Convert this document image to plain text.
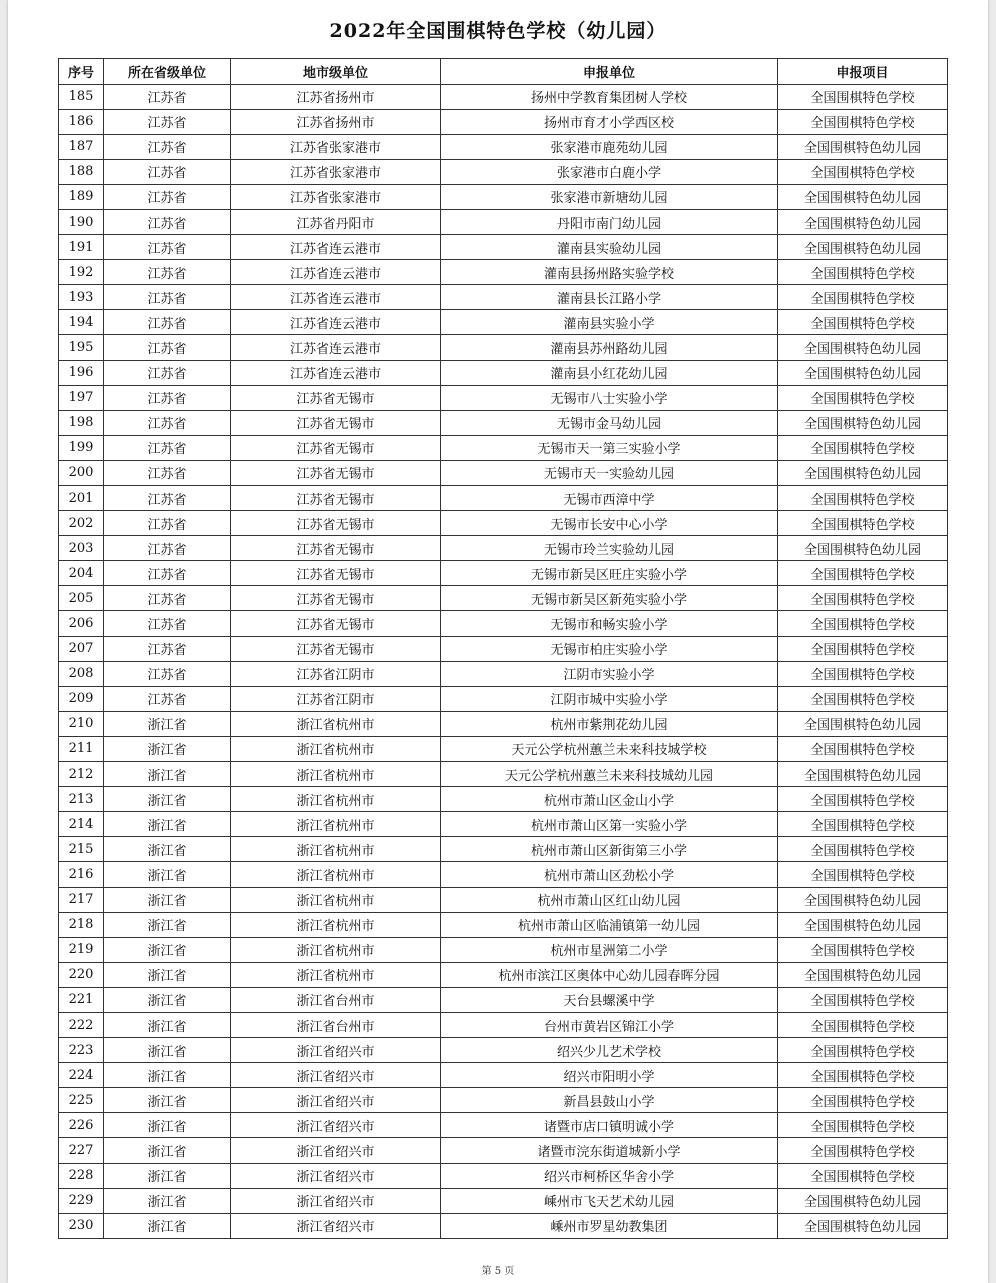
2022年全国围棋特色学校（幼儿园）
序号	所在省级单位	地市级单位	申报单位	申报项目
185	江苏省	江苏省扬州市	扬州中学教育集团树人学校	全国围棋特色学校
186	江苏省	江苏省扬州市	扬州市育才小学西区校	全国围棋特色学校
187	江苏省	江苏省张家港市	张家港市鹿苑幼儿园	全国围棋特色幼儿园
188	江苏省	江苏省张家港市	张家港市白鹿小学	全国围棋特色学校
189	江苏省	江苏省张家港市	张家港市新塘幼儿园	全国围棋特色幼儿园
190	江苏省	江苏省丹阳市	丹阳市南门幼儿园	全国围棋特色幼儿园
191	江苏省	江苏省连云港市	灌南县实验幼儿园	全国围棋特色幼儿园
192	江苏省	江苏省连云港市	灌南县扬州路实验学校	全国围棋特色学校
193	江苏省	江苏省连云港市	灌南县长江路小学	全国围棋特色学校
194	江苏省	江苏省连云港市	灌南县实验小学	全国围棋特色学校
195	江苏省	江苏省连云港市	灌南县苏州路幼儿园	全国围棋特色幼儿园
196	江苏省	江苏省连云港市	灌南县小红花幼儿园	全国围棋特色幼儿园
197	江苏省	江苏省无锡市	无锡市八士实验小学	全国围棋特色学校
198	江苏省	江苏省无锡市	无锡市金马幼儿园	全国围棋特色幼儿园
199	江苏省	江苏省无锡市	无锡市天一第三实验小学	全国围棋特色学校
200	江苏省	江苏省无锡市	无锡市天一实验幼儿园	全国围棋特色幼儿园
201	江苏省	江苏省无锡市	无锡市西漳中学	全国围棋特色学校
202	江苏省	江苏省无锡市	无锡市长安中心小学	全国围棋特色学校
203	江苏省	江苏省无锡市	无锡市玲兰实验幼儿园	全国围棋特色幼儿园
204	江苏省	江苏省无锡市	无锡市新吴区旺庄实验小学	全国围棋特色学校
205	江苏省	江苏省无锡市	无锡市新吴区新苑实验小学	全国围棋特色学校
206	江苏省	江苏省无锡市	无锡市和畅实验小学	全国围棋特色学校
207	江苏省	江苏省无锡市	无锡市柏庄实验小学	全国围棋特色学校
208	江苏省	江苏省江阴市	江阴市实验小学	全国围棋特色学校
209	江苏省	江苏省江阴市	江阴市城中实验小学	全国围棋特色学校
210	浙江省	浙江省杭州市	杭州市紫荆花幼儿园	全国围棋特色幼儿园
211	浙江省	浙江省杭州市	天元公学杭州蕙兰未来科技城学校	全国围棋特色学校
212	浙江省	浙江省杭州市	天元公学杭州蕙兰未来科技城幼儿园	全国围棋特色幼儿园
213	浙江省	浙江省杭州市	杭州市萧山区金山小学	全国围棋特色学校
214	浙江省	浙江省杭州市	杭州市萧山区第一实验小学	全国围棋特色学校
215	浙江省	浙江省杭州市	杭州市萧山区新街第三小学	全国围棋特色学校
216	浙江省	浙江省杭州市	杭州市萧山区劲松小学	全国围棋特色学校
217	浙江省	浙江省杭州市	杭州市萧山区红山幼儿园	全国围棋特色幼儿园
218	浙江省	浙江省杭州市	杭州市萧山区临浦镇第一幼儿园	全国围棋特色幼儿园
219	浙江省	浙江省杭州市	杭州市星洲第二小学	全国围棋特色学校
220	浙江省	浙江省杭州市	杭州市滨江区奥体中心幼儿园春晖分园	全国围棋特色幼儿园
221	浙江省	浙江省台州市	天台县螺溪中学	全国围棋特色学校
222	浙江省	浙江省台州市	台州市黄岩区锦江小学	全国围棋特色学校
223	浙江省	浙江省绍兴市	绍兴少儿艺术学校	全国围棋特色学校
224	浙江省	浙江省绍兴市	绍兴市阳明小学	全国围棋特色学校
225	浙江省	浙江省绍兴市	新昌县鼓山小学	全国围棋特色学校
226	浙江省	浙江省绍兴市	诸暨市店口镇明诚小学	全国围棋特色学校
227	浙江省	浙江省绍兴市	诸暨市浣东街道城新小学	全国围棋特色学校
228	浙江省	浙江省绍兴市	绍兴市柯桥区华舍小学	全国围棋特色学校
229	浙江省	浙江省绍兴市	嵊州市飞天艺术幼儿园	全国围棋特色幼儿园
230	浙江省	浙江省绍兴市	嵊州市罗星幼教集团	全国围棋特色幼儿园
第 5 页
